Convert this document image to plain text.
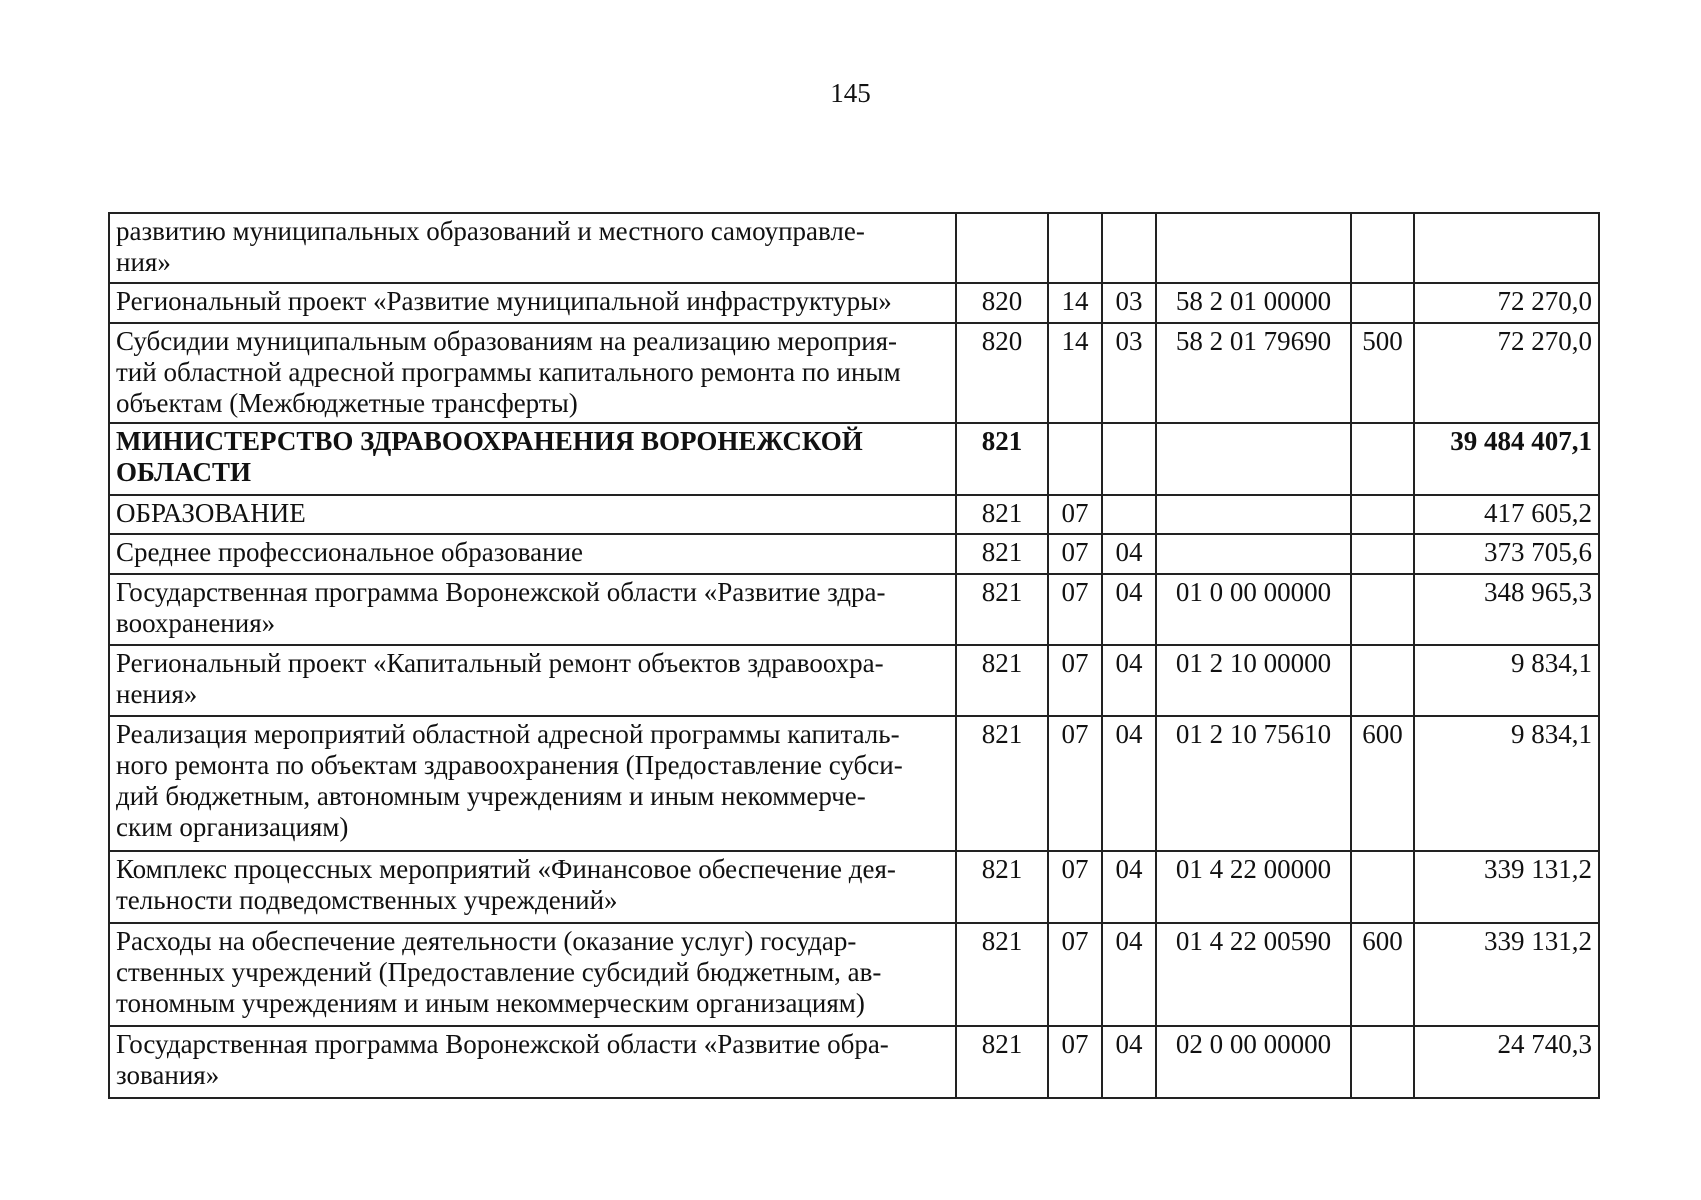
145
развитию муниципальных образований и местного самоуправле-
ния»						
Региональный проект «Развитие муниципальной инфраструктуры»	820	14	03	58 2 01 00000		72 270,0
Субсидии муниципальным образованиям на реализацию мероприя-
тий областной адресной программы капитального ремонта по иным
объектам (Межбюджетные трансферты)	820	14	03	58 2 01 79690	500	72 270,0
МИНИСТЕРСТВО ЗДРАВООХРАНЕНИЯ ВОРОНЕЖСКОЙ
ОБЛАСТИ	821					39 484 407,1
ОБРАЗОВАНИЕ	821	07				417 605,2
Среднее профессиональное образование	821	07	04			373 705,6
Государственная программа Воронежской области «Развитие здра-
воохранения»	821	07	04	01 0 00 00000		348 965,3
Региональный проект «Капитальный ремонт объектов здравоохра-
нения»	821	07	04	01 2 10 00000		9 834,1
Реализация мероприятий областной адресной программы капиталь-
ного ремонта по объектам здравоохранения (Предоставление субси-
дий бюджетным, автономным учреждениям и иным некоммерче-
ским организациям)	821	07	04	01 2 10 75610	600	9 834,1
Комплекс процессных мероприятий «Финансовое обеспечение дея-
тельности подведомственных учреждений»	821	07	04	01 4 22 00000		339 131,2
Расходы на обеспечение деятельности (оказание услуг) государ-
ственных учреждений (Предоставление субсидий бюджетным, ав-
тономным учреждениям и иным некоммерческим организациям)	821	07	04	01 4 22 00590	600	339 131,2
Государственная программа Воронежской области «Развитие обра-
зования»	821	07	04	02 0 00 00000		24 740,3
